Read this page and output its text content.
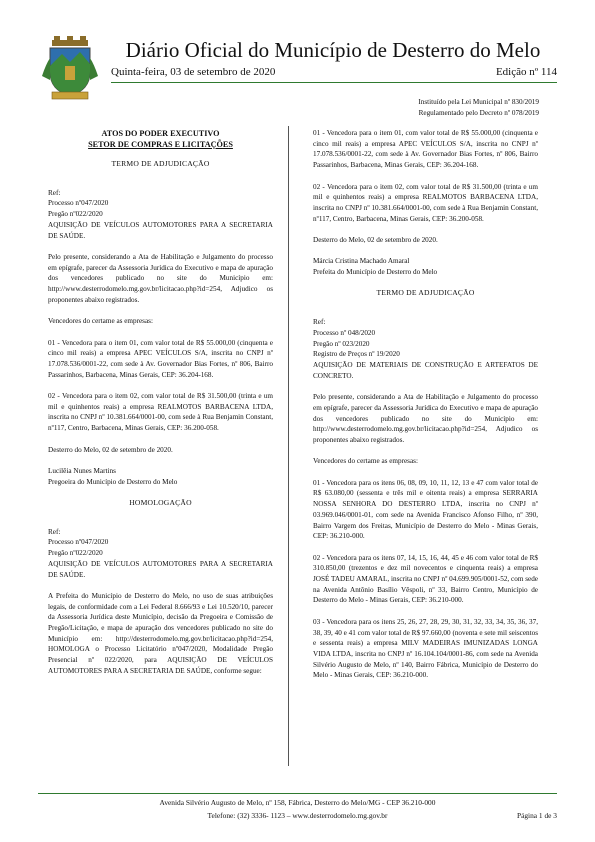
Diário Oficial do Município de Desterro do Melo
Quinta-feira, 03 de setembro de 2020	Edição nº 114
Instituído pela Lei Municipal nº 830/2019
Regulamentado pelo Decreto nº 078/2019
ATOS DO PODER EXECUTIVO
SETOR DE COMPRAS E LICITAÇÕES
TERMO DE ADJUDICAÇÃO

Ref:

Processo nº047/2020

Pregão nº022/2020

AQUISIÇÃO DE VEÍCULOS AUTOMOTORES PARA A SECRETARIA DE SAÚDE.

Pelo presente, considerando a Ata de Habilitação e Julgamento do processo em epígrafe, parecer da Assessoria Jurídica do Executivo e mapa de apuração dos vencedores publicado no site do Município em: http://www.desterrodomelo.mg.gov.br/licitacao.php?id=254, Adjudico os proponentes abaixo registrados.

Vencedores do certame as empresas:

01 - Vencedora para o item 01, com valor total de R$ 55.000,00 (cinquenta e cinco mil reais) a empresa APEC VEÍCULOS S/A, inscrita no CNPJ nº 17.078.536/0001-22, com sede à Av. Governador Bias Fortes, nº 806, Bairro Passarinhos, Barbacena, Minas Gerais, CEP: 36.204-168.

02 - Vencedora para o item 02, com valor total de R$ 31.500,00 (trinta e um mil e quinhentos reais) a empresa REALMOTOS BARBACENA LTDA, inscrita no CNPJ nº 10.381.664/0001-00, com sede à Rua Benjamin Constant, nº117, Centro, Barbacena, Minas Gerais, CEP: 36.200-058.

Desterro do Melo, 02 de setembro de 2020.

Lucilêia Nunes Martins

Pregoeira do Município de Desterro do Melo

HOMOLOGAÇÃO

Ref:

Processo nº047/2020

Pregão nº022/2020

AQUISIÇÃO DE VEÍCULOS AUTOMOTORES PARA A SECRETARIA DE SAÚDE.

A Prefeita do Município de Desterro do Melo, no uso de suas atribuições legais, de conformidade com a Lei Federal 8.666/93 e Lei 10.520/10, parecer da Assessoria Jurídica deste Município, decisão da Pregoeira e Comissão de Pregão/Licitação, e mapa de apuração dos vencedores publicado no site do Município em: http://desterrodomelo.mg.gov.br/licitacao.php?id=254, HOMOLOGA o Processo Licitatório nº047/2020, Modalidade Pregão Presencial nº 022/2020, para AQUISIÇÃO DE VEÍCULOS AUTOMOTORES PARA A SECRETARIA DE SAÚDE, conforme segue:

01 - Vencedora para o item 01, com valor total de R$ 55.000,00 (cinquenta e cinco mil reais) a empresa APEC VEÍCULOS S/A, inscrita no CNPJ nº 17.078.536/0001-22, com sede à Av. Governador Bias Fortes, nº 806, Bairro Passarinhos, Barbacena, Minas Gerais, CEP: 36.204-168.

02 - Vencedora para o item 02, com valor total de R$ 31.500,00 (trinta e um mil e quinhentos reais) a empresa REALMOTOS BARBACENA LTDA, inscrita no CNPJ nº 10.381.664/0001-00, com sede à Rua Benjamin Constant, nº117, Centro, Barbacena, Minas Gerais, CEP: 36.200-058.

Desterro do Melo, 02 de setembro de 2020.

Márcia Cristina Machado Amaral

Prefeita do Município de Desterro do Melo

TERMO DE ADJUDICAÇÃO

Ref:

Processo nº 048/2020

Pregão nº 023/2020

Registro de Preços nº 19/2020

AQUISIÇÃO DE MATERIAIS DE CONSTRUÇÃO E ARTEFATOS DE CONCRETO.

Pelo presente, considerando a Ata de Habilitação e Julgamento do processo em epígrafe, parecer da Assessoria Jurídica do Executivo e mapa de apuração dos vencedores publicado no site do Município em: http://www.desterrodomelo.mg.gov.br/licitacao.php?id=254, Adjudico os proponentes abaixo registrados.

Vencedores do certame as empresas:

01 - Vencedora para os itens 06, 08, 09, 10, 11, 12, 13 e 47 com valor total de R$ 63.080,00 (sessenta e três mil e oitenta reais) a empresa SERRARIA NOSSA SENHORA DO DESTERRO LTDA, inscrita no CNPJ nº 03.969.046/0001-01, com sede na Avenida Francisco Afonso Filho, nº 390, Bairro Vargem dos Freitas, Município de Desterro do Melo - Minas Gerais, CEP: 36.210-000.

02 - Vencedora para os itens 07, 14, 15, 16, 44, 45 e 46 com valor total de R$ 310.850,00 (trezentos e dez mil novecentos e cinquenta reais) a empresa JOSÉ TADEU AMARAL, inscrita no CNPJ nº 04.699.905/0001-52, com sede na Avenida Antônio Basílio Vêspoli, nº 33, Bairro Centro, Município de Desterro do Melo - Minas Gerais, CEP: 36.210-000.

03 - Vencedora para os itens 25, 26, 27, 28, 29, 30, 31, 32, 33, 34, 35, 36, 37, 38, 39, 40 e 41 com valor total de R$ 97.660,00 (noventa e sete mil seiscentos e sessenta reais) a empresa MILV MADEIRAS IMUNIZADAS LONGA VIDA LTDA, inscrita no CNPJ nº 16.104.104/0001-86, com sede na Avenida Silvério Augusto de Melo, nº 140, Bairro Fábrica, Município de Desterro do Melo - Minas Gerais, CEP: 36.210-000.

Avenida Silvério Augusto de Melo, nº 158, Fábrica, Desterro do Melo/MG - CEP 36.210-000
Telefone: (32) 3336- 1123 – www.desterrodomelo.mg.gov.br	Página 1 de 3
